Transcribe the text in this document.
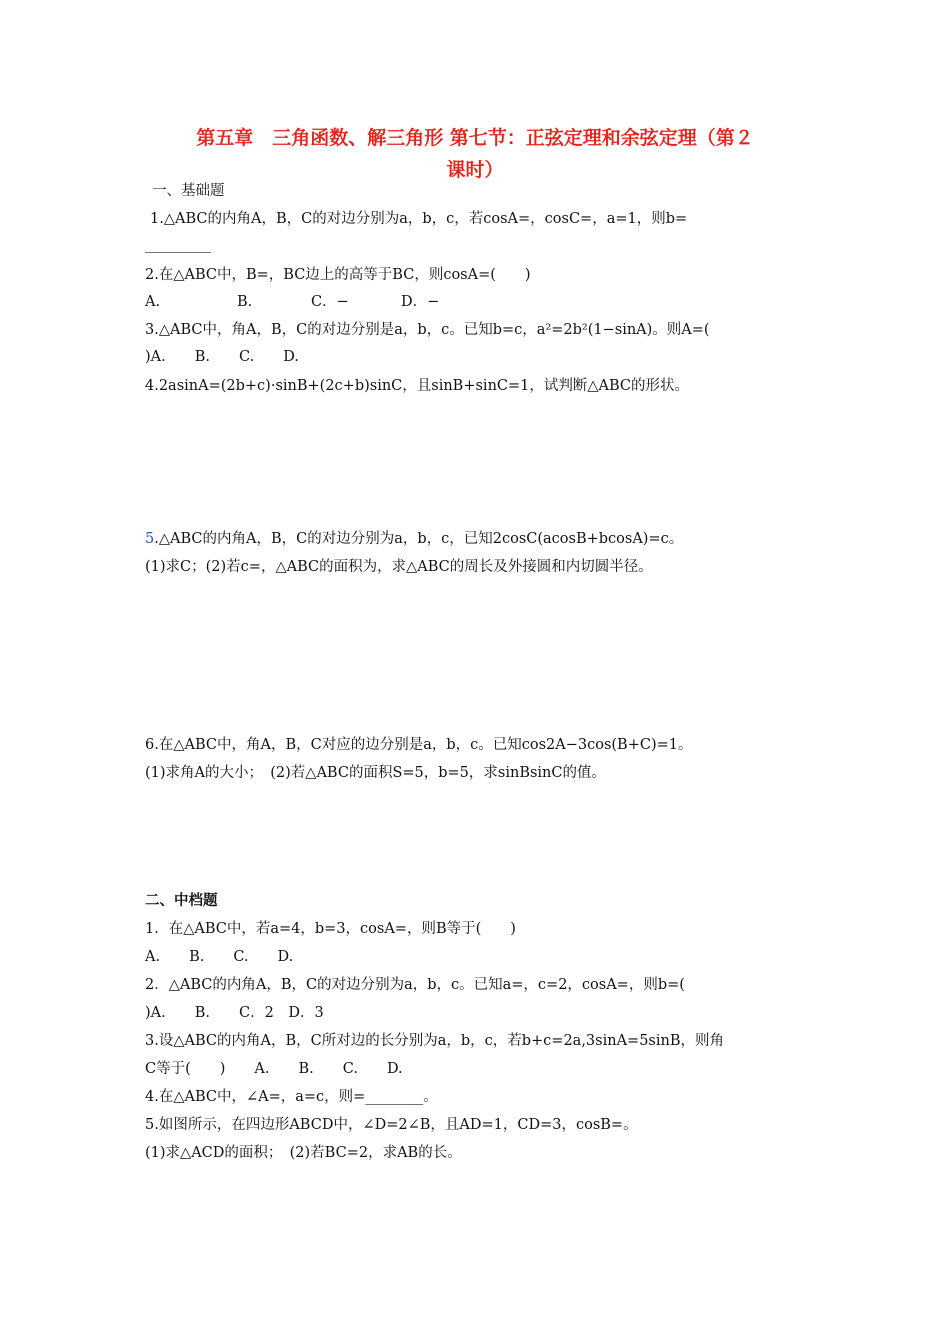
第五章　三角函数、解三角形 第七节：正弦定理和余弦定理（第２
课时）
一、基础题
1.△ABC的内角A，B，C的对边分别为a，b，c，若cosA=，cosC=，a=1，则b=
2.在△ABC中，B=，BC边上的高等于BC，则cosA=(　　)
A.	B.	C．−	D．−
3.△ABC中，角A，B，C的对边分别是a，b，c。已知b=c，a²=2b²(1−sinA)。则A=(
)A.　　B.　　C.　　D.
4.2asinA=(2b+c)·sinB+(2c+b)sinC，且sinB+sinC=1，试判断△ABC的形状。
5.△ABC的内角A，B，C的对边分别为a，b，c，已知2cosC(acosB+bcosA)=c。
(1)求C；(2)若c=，△ABC的面积为，求△ABC的周长及外接圆和内切圆半径。
6.在△ABC中，角A，B，C对应的边分别是a，b，c。已知cos2A−3cos(B+C)=1。
(1)求角A的大小；　(2)若△ABC的面积S=5，b=5，求sinBsinC的值。
二、中档题
1．在△ABC中，若a=4，b=3，cosA=，则B等于(　　)
A.　　B.　　C.　　D.
2．△ABC的内角A，B，C的对边分别为a，b，c。已知a=，c=2，cosA=，则b=(
)A.　　B.　　C．2　D．3
3.设△ABC的内角A，B，C所对边的长分别为a，b，c，若b+c=2a,3sinA=5sinB，则角
C等于(　　)　　A.　　B.　　C.　　D.
4.在△ABC中，∠A=，a=c，则=________。
5.如图所示，在四边形ABCD中，∠D=2∠B，且AD=1，CD=3，cosB=。
(1)求△ACD的面积；　(2)若BC=2，求AB的长。
